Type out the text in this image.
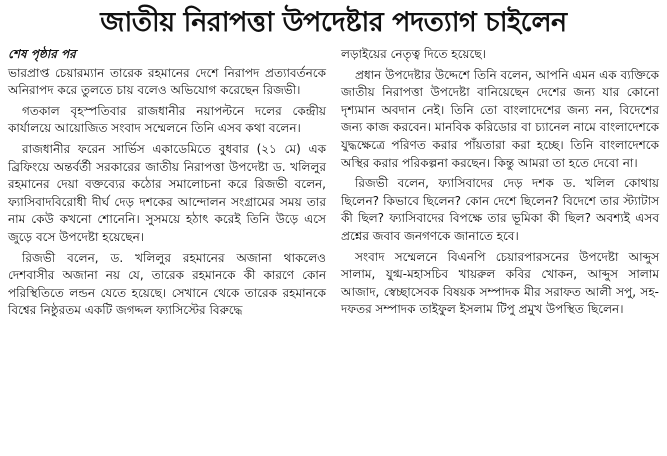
জাতীয় নিরাপত্তা উপদেষ্টার পদত্যাগ চাইলেন
শেষ পৃষ্ঠার পর

ভারপ্রাপ্ত চেয়ারম্যান তারেক রহমানের দেশে নিরাপদ প্রত্যাবর্তনকে অনিরাপদ করে তুলতে চায় বলেও অভিযোগ করেছেন রিজভী।

গতকাল বৃহস্পতিবার রাজধানীর নয়াপল্টনে দলের কেন্দ্রীয় কার্যালয়ে আয়োজিত সংবাদ সম্মেলনে তিনি এসব কথা বলেন।

রাজধানীর ফরেন সার্ভিস একাডেমিতে বুধবার (২১ মে) এক ব্রিফিংয়ে অন্তর্বর্তী সরকারের জাতীয় নিরাপত্তা উপদেষ্টা ড. খলিলুর রহমানের দেয়া বক্তব্যের কঠোর সমালোচনা করে রিজভী বলেন, ফ্যাসিবাদবিরোধী দীর্ঘ দেড় দশকের আন্দোলন সংগ্রামের সময় তার নাম কেউ কখনো শোনেনি। সুসময়ে হঠাৎ করেই তিনি উড়ে এসে জুড়ে বসে উপদেষ্টা হয়েছেন।

রিজভী বলেন, ড. খলিলুর রহমানের অজানা থাকলেও দেশবাসীর অজানা নয় যে, তারেক রহমানকে কী কারণে কোন পরিস্থিতিতে লন্ডন যেতে হয়েছে। সেখানে থেকে তারেক রহমানকে বিশ্বের নিষ্ঠুরতম একটি জগদ্দল ফ্যাসিস্টের বিরুদ্ধে

লড়াইয়ের নেতৃত্ব দিতে হয়েছে।

প্রধান উপদেষ্টার উদ্দেশে তিনি বলেন, আপনি এমন এক ব্যক্তিকে জাতীয় নিরাপত্তা উপদেষ্টা বানিয়েছেন দেশের জন্য যার কোনো দৃশ্যমান অবদান নেই। তিনি তো বাংলাদেশের জন্য নন, বিদেশের জন্য কাজ করবেন। মানবিক করিডোর বা চ্যানেল নামে বাংলাদেশকে যুদ্ধক্ষেত্রে পরিণত করার পাঁয়তারা করা হচ্ছে। তিনি বাংলাদেশকে অস্থির করার পরিকল্পনা করছেন। কিন্তু আমরা তা হতে দেবো না।

রিজভী বলেন, ফ্যাসিবাদের দেড় দশক ড. খলিল কোথায় ছিলেন? কিভাবে ছিলেন? কোন দেশে ছিলেন? বিদেশে তার স্ট্যাটাস কী ছিল? ফ্যাসিবাদের বিপক্ষে তার ভূমিকা কী ছিল? অবশ্যই এসব প্রশ্নের জবাব জনগণকে জানাতে হবে।

সংবাদ সম্মেলনে বিএনপি চেয়ারপারসনের উপদেষ্টা আব্দুস সালাম, যুগ্ম-মহাসচিব খায়রুল কবির খোকন, আব্দুস সালাম আজাদ, স্বেচ্ছাসেবক বিষয়ক সম্পাদক মীর সরাফত আলী সপু, সহ-দফতর সম্পাদক তাইফুল ইসলাম টিপু প্রমুখ উপস্থিত ছিলেন।
